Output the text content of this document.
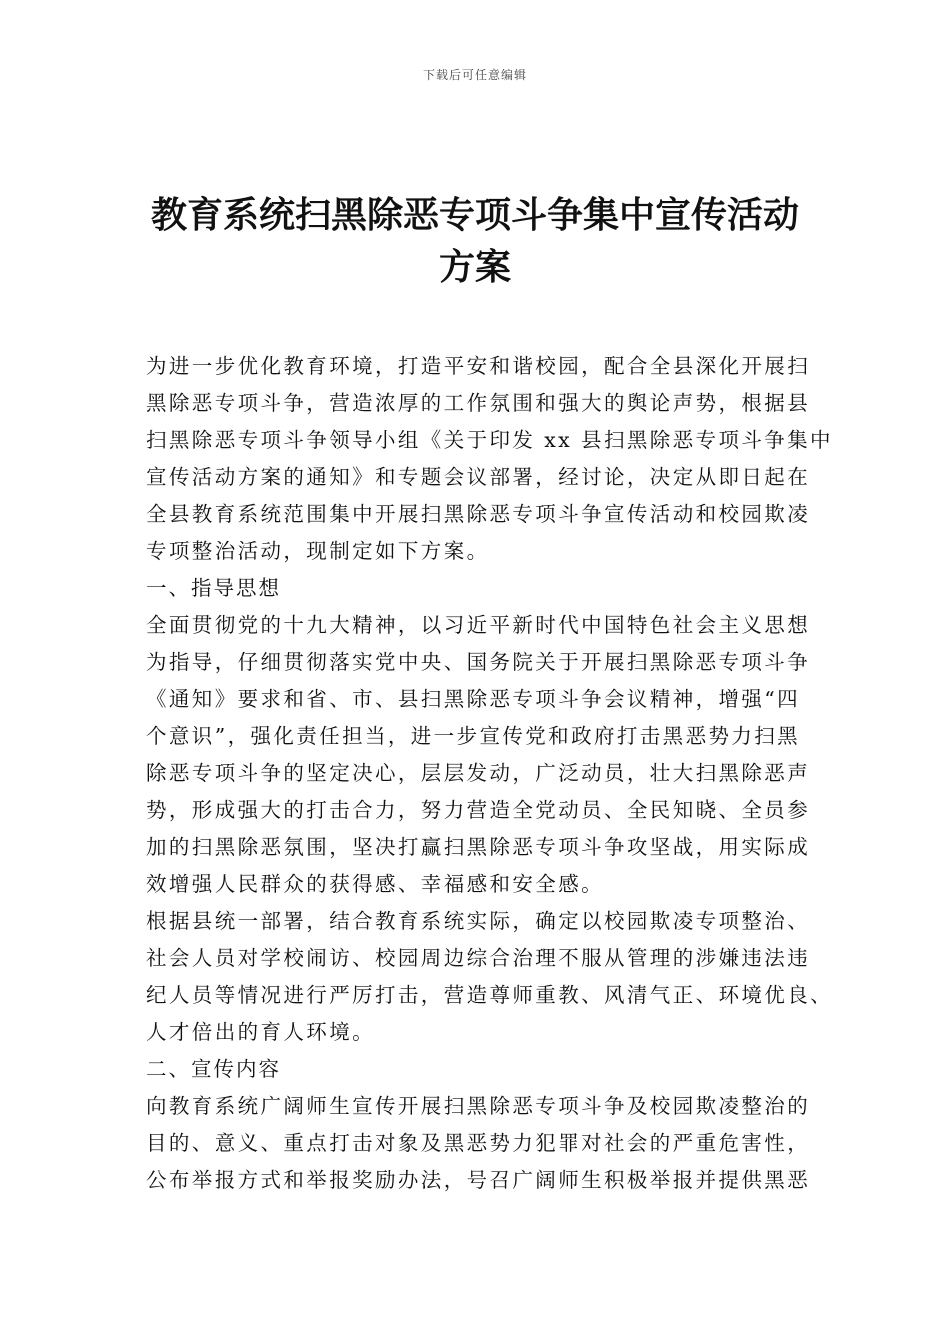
下载后可任意编辑
教育系统扫黑除恶专项斗争集中宣传活动
方案
为进一步优化教育环境，打造平安和谐校园，配合全县深化开展扫
黑除恶专项斗争，营造浓厚的工作氛围和强大的舆论声势，根据县
扫黑除恶专项斗争领导小组《关于印发 xx 县扫黑除恶专项斗争集中
宣传活动方案的通知》和专题会议部署，经讨论，决定从即日起在
全县教育系统范围集中开展扫黑除恶专项斗争宣传活动和校园欺凌
专项整治活动，现制定如下方案。
一、指导思想
全面贯彻党的十九大精神，以习近平新时代中国特色社会主义思想
为指导，仔细贯彻落实党中央、国务院关于开展扫黑除恶专项斗争
《通知》要求和省、市、县扫黑除恶专项斗争会议精神，增强“四
个意识”，强化责任担当，进一步宣传党和政府打击黑恶势力扫黑
除恶专项斗争的坚定决心，层层发动，广泛动员，壮大扫黑除恶声
势，形成强大的打击合力，努力营造全党动员、全民知晓、全员参
加的扫黑除恶氛围，坚决打赢扫黑除恶专项斗争攻坚战，用实际成
效增强人民群众的获得感、幸福感和安全感。
根据县统一部署，结合教育系统实际，确定以校园欺凌专项整治、
社会人员对学校闹访、校园周边综合治理不服从管理的涉嫌违法违
纪人员等情况进行严厉打击，营造尊师重教、风清气正、环境优良、
人才倍出的育人环境。
二、宣传内容
向教育系统广阔师生宣传开展扫黑除恶专项斗争及校园欺凌整治的
目的、意义、重点打击对象及黑恶势力犯罪对社会的严重危害性，
公布举报方式和举报奖励办法，号召广阔师生积极举报并提供黑恶
